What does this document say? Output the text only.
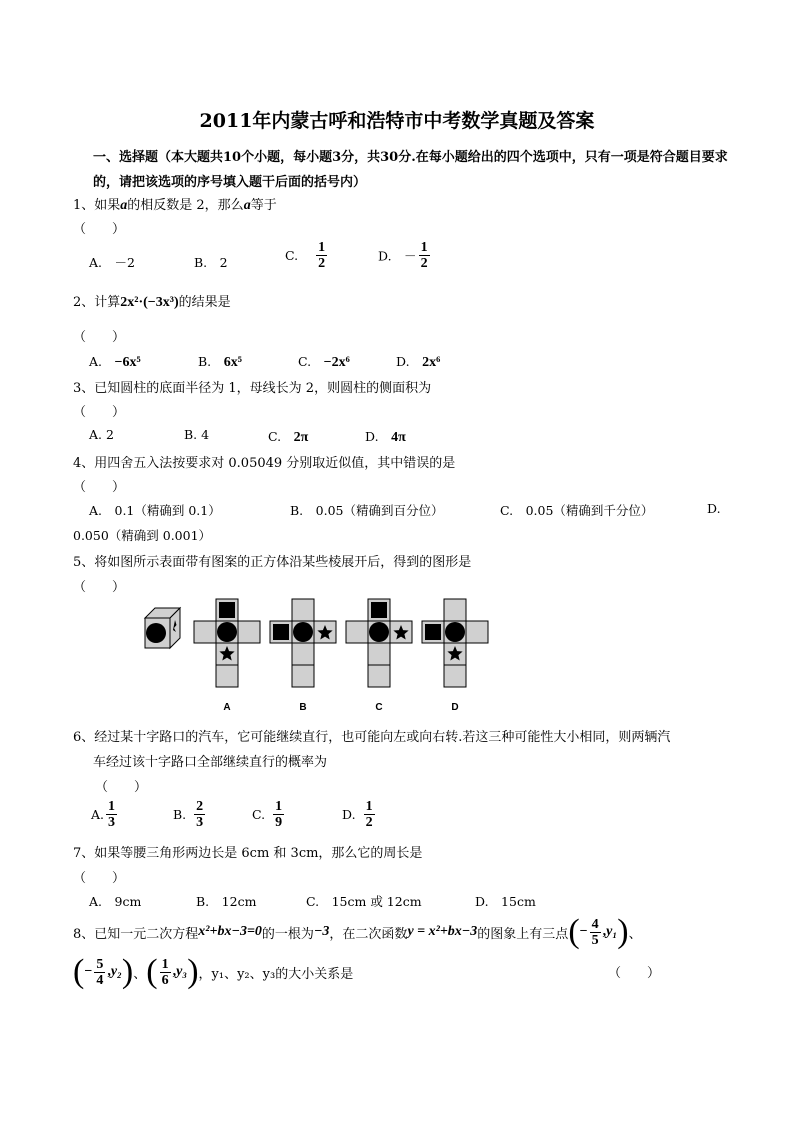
2011年内蒙古呼和浩特市中考数学真题及答案
一、选择题（本大题共10个小题，每小题3分，共30分.在每小题给出的四个选项中，只有一项是符合题目要求的，请把该选项的序号填入题干后面的括号内）
1、如果a的相反数是 2，那么a等于
（　　）
A.　－2	B.　2	C. $\frac{1}{2}$	D.　－ $\frac{1}{2}$
2、计算2x²·(−3x³)的结果是
（　　）
A.　 −6x⁵	B.　 6x⁵	C.　 −2x⁶	D.　 2x⁶
3、已知圆柱的底面半径为 1，母线长为 2，则圆柱的侧面积为
（　　）
A. 2	B. 4	C.　 2π	D.　 4π
4、用四舍五入法按要求对 0.05049 分别取近似值，其中错误的是
（　　）
A.　0.1（精确到 0.1）	B.　0.05（精确到百分位）	C.　0.05（精确到千分位）	D.
0.050（精确到 0.001）
5、将如图所示表面带有图案的正方体沿某些棱展开后，得到的图形是
（　　）
A	B	C	D
6、经过某十字路口的汽车，它可能继续直行，也可能向左或向右转.若这三种可能性大小相同，则两辆汽
车经过该十字路口全部继续直行的概率为
（　　）
A. $\frac{1}{3}$	B. $\frac{2}{3}$	C. $\frac{1}{9}$	D. $\frac{1}{2}$
7、如果等腰三角形两边长是 6cm 和 3cm，那么它的周长是
（　　）
A.　9cm	B.　12cm	C.　15cm 或 12cm	D.　15cm
8、已知一元二次方程 x²+bx−3=0 的一根为 −3 ，在二次函数 y = x²+bx−3 的图象上有三点 ( − $\frac{4}{5}$ , y₁ ) 、
( − $\frac{5}{4}$ , y₂ ) 、 ( $\frac{1}{6}$ , y₃ ) ，y₁、y₂、y₃的大小关系是	（　　）
